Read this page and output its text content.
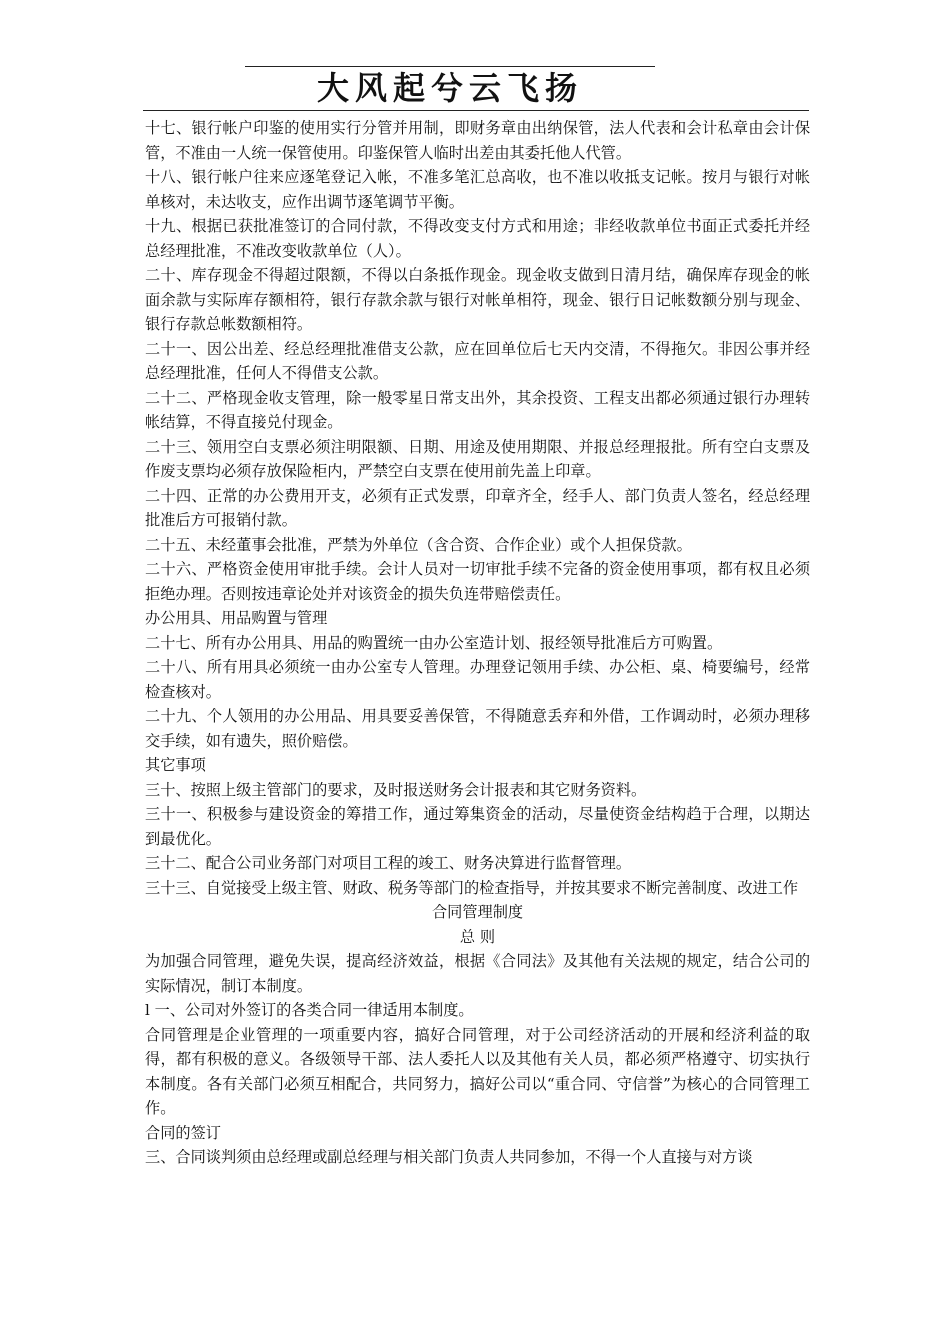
大风起兮云飞扬

十七、银行帐户印鉴的使用实行分管并用制，即财务章由出纳保管，法人代表和会计私章由会计保管，不准由一人统一保管使用。印鉴保管人临时出差由其委托他人代管。

十八、银行帐户往来应逐笔登记入帐，不准多笔汇总高收，也不准以收抵支记帐。按月与银行对帐单核对，未达收支，应作出调节逐笔调节平衡。

十九、根据已获批准签订的合同付款，不得改变支付方式和用途；非经收款单位书面正式委托并经总经理批准，不准改变收款单位（人）。

二十、库存现金不得超过限额，不得以白条抵作现金。现金收支做到日清月结，确保库存现金的帐面余款与实际库存额相符，银行存款余款与银行对帐单相符，现金、银行日记帐数额分别与现金、银行存款总帐数额相符。

二十一、因公出差、经总经理批准借支公款，应在回单位后七天内交清，不得拖欠。非因公事并经总经理批准，任何人不得借支公款。

二十二、严格现金收支管理，除一般零星日常支出外，其余投资、工程支出都必须通过银行办理转帐结算，不得直接兑付现金。

二十三、领用空白支票必须注明限额、日期、用途及使用期限、并报总经理报批。所有空白支票及作废支票均必须存放保险柜内，严禁空白支票在使用前先盖上印章。

二十四、正常的办公费用开支，必须有正式发票，印章齐全，经手人、部门负责人签名，经总经理批准后方可报销付款。

二十五、未经董事会批准，严禁为外单位（含合资、合作企业）或个人担保贷款。

二十六、严格资金使用审批手续。会计人员对一切审批手续不完备的资金使用事项，都有权且必须拒绝办理。否则按违章论处并对该资金的损失负连带赔偿责任。

办公用具、用品购置与管理

二十七、所有办公用具、用品的购置统一由办公室造计划、报经领导批准后方可购置。

二十八、所有用具必须统一由办公室专人管理。办理登记领用手续、办公柜、桌、椅要编号，经常检查核对。

二十九、个人领用的办公用品、用具要妥善保管，不得随意丢弃和外借，工作调动时，必须办理移交手续，如有遗失，照价赔偿。

其它事项

三十、按照上级主管部门的要求，及时报送财务会计报表和其它财务资料。

三十一、积极参与建设资金的筹措工作，通过筹集资金的活动，尽量使资金结构趋于合理，以期达到最优化。

三十二、配合公司业务部门对项目工程的竣工、财务决算进行监督管理。

三十三、自觉接受上级主管、财政、税务等部门的检查指导，并按其要求不断完善制度、改进工作

合同管理制度

总 则

为加强合同管理，避免失误，提高经济效益，根据《合同法》及其他有关法规的规定，结合公司的实际情况，制订本制度。

l 一、公司对外签订的各类合同一律适用本制度。

合同管理是企业管理的一项重要内容，搞好合同管理，对于公司经济活动的开展和经济利益的取得，都有积极的意义。各级领导干部、法人委托人以及其他有关人员，都必须严格遵守、切实执行本制度。各有关部门必须互相配合，共同努力，搞好公司以“重合同、守信誉”为核心的合同管理工作。

合同的签订

三、合同谈判须由总经理或副总经理与相关部门负责人共同参加，不得一个人直接与对方谈
